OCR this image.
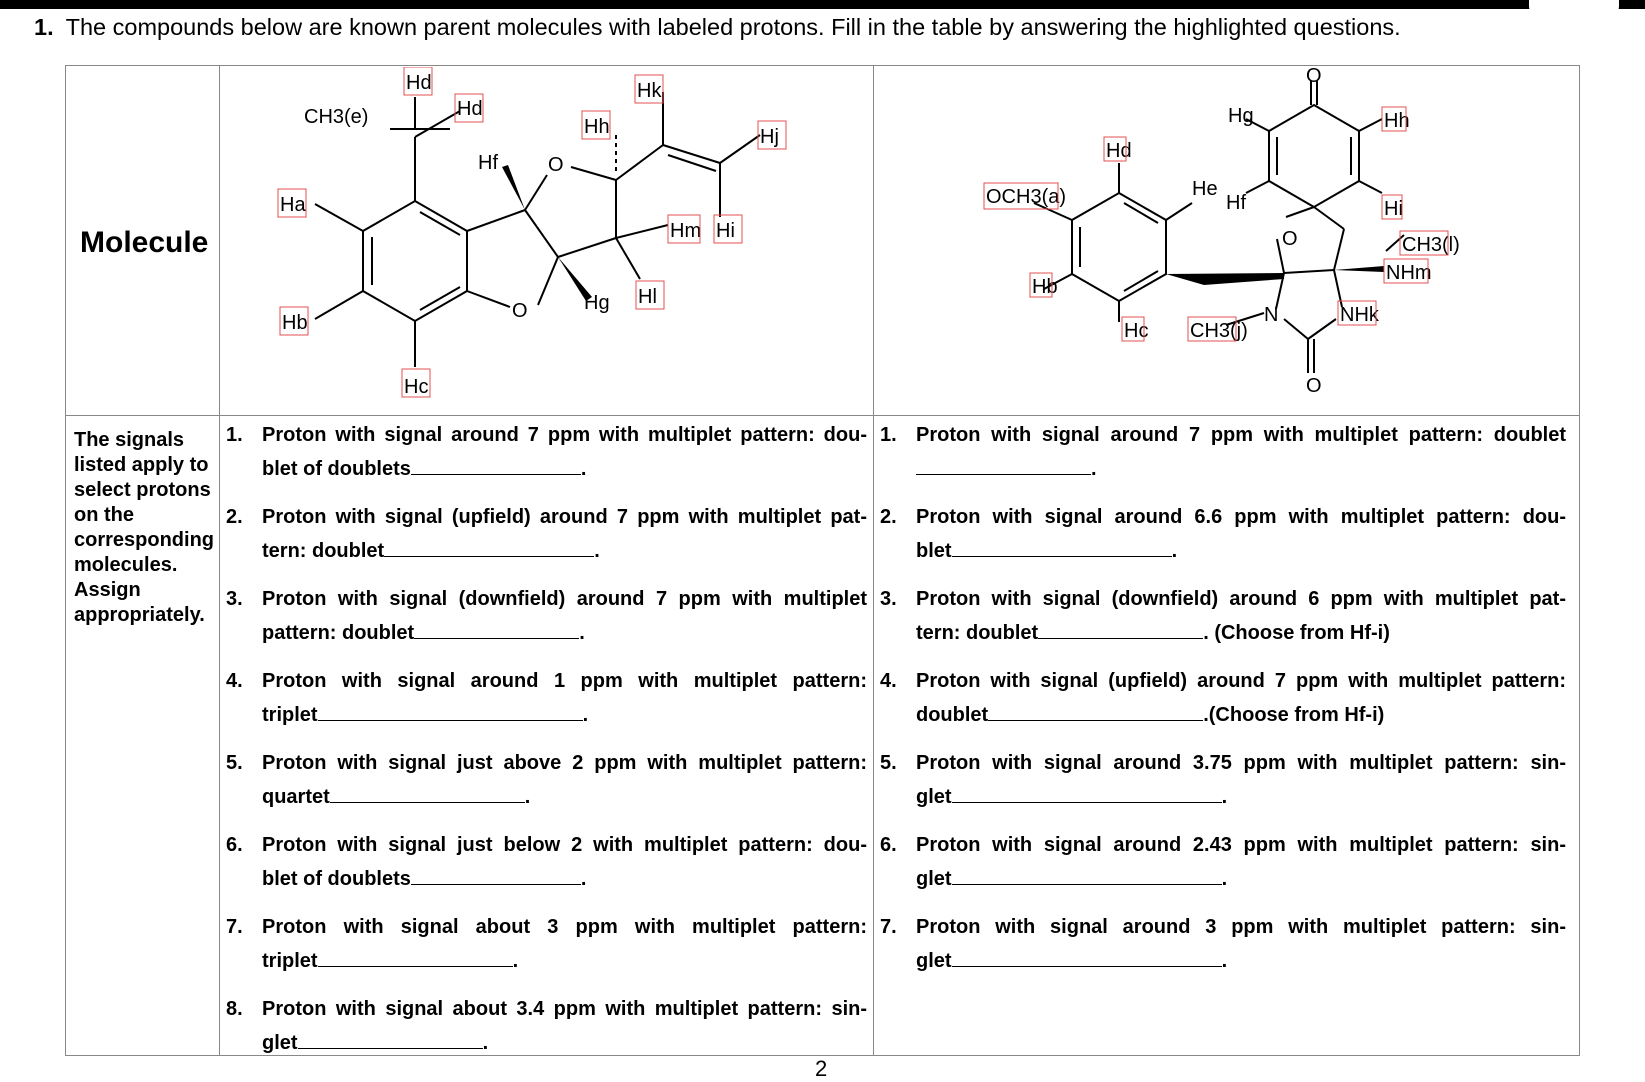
1. The compounds below are known parent molecules with labeled protons. Fill in the table by answering the highlighted questions.
Molecule
The signals listed apply to select protons on the corresponding molecules. Assign appropriately.
CH3(e)
Hd
Hd
Ha
Hb
Hc
Hf	O
O	Hg
Hh
Hk
Hj
Hm Hi
Hl
OCH3(a)
Hd
Hb
Hc
He
Hf
Hg	Hh
Hi
O
O
O
CH3(l)
NHm
NHk
N
CH3(j)
1. Proton with signal around 7 ppm with multiplet pattern: dou-
blet of doublets	.
2. Proton with signal (upfield) around 7 ppm with multiplet pat-
tern: doublet	.
3. Proton with signal (downfield) around 7 ppm with multiplet
pattern: doublet	.
4. Proton with signal around 1 ppm with multiplet pattern:
triplet	.
5. Proton with signal just above 2 ppm with multiplet pattern:
quartet	.
6. Proton with signal just below 2 with multiplet pattern: dou-
blet of doublets	.
7. Proton with signal about 3 ppm with multiplet pattern:
triplet	.
8. Proton with signal about 3.4 ppm with multiplet pattern: sin-
glet	.
1. Proton with signal around 7 ppm with multiplet pattern: doublet
.
2. Proton with signal around 6.6 ppm with multiplet pattern: dou-
blet	.
3. Proton with signal (downfield) around 6 ppm with multiplet pat-
tern: doublet	. (Choose from Hf-i)
4. Proton with signal (upfield) around 7 ppm with multiplet pattern:
doublet	.(Choose from Hf-i)
5. Proton with signal around 3.75 ppm with multiplet pattern: sin-
glet	.
6. Proton with signal around 2.43 ppm with multiplet pattern: sin-
glet	.
7. Proton with signal around 3 ppm with multiplet pattern: sin-
glet	.
2
